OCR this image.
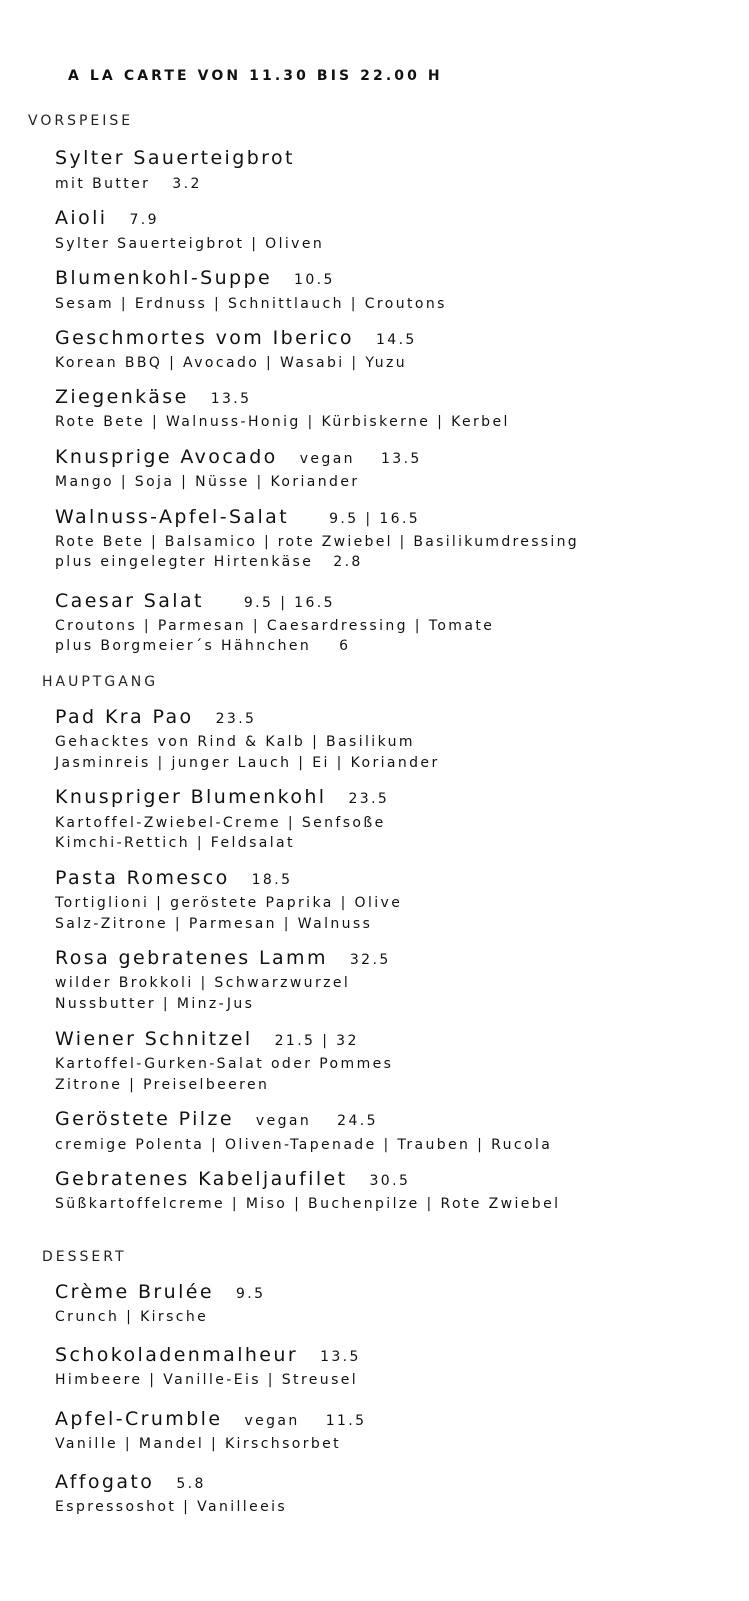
A LA CARTE VON 11.30 BIS 22.00 H
VORSPEISE
Sylter Sauerteigbrot
mit Butter 3.2
Aioli 7.9
Sylter Sauerteigbrot | Oliven
Blumenkohl-Suppe 10.5
Sesam | Erdnuss | Schnittlauch | Croutons
Geschmortes vom Iberico 14.5
Korean BBQ | Avocado | Wasabi | Yuzu
Ziegenkäse 13.5
Rote Bete | Walnuss-Honig | Kürbiskerne | Kerbel
Knusprige Avocado vegan 13.5
Mango | Soja | Nüsse | Koriander
Walnuss-Apfel-Salat	9.5 | 16.5
Rote Bete | Balsamico | rote Zwiebel | Basilikumdressing
plus eingelegter Hirtenkäse 2.8
Caesar Salat	9.5 | 16.5
Croutons | Parmesan | Caesardressing | Tomate
plus Borgmeier´s Hähnchen 6
HAUPTGANG
Pad Kra Pao 23.5
Gehacktes von Rind & Kalb | Basilikum
Jasminreis | junger Lauch | Ei | Koriander
Knuspriger Blumenkohl 23.5
Kartoffel-Zwiebel-Creme | Senfsoße
Kimchi-Rettich | Feldsalat
Pasta Romesco 18.5
Tortiglioni | geröstete Paprika | Olive
Salz-Zitrone | Parmesan | Walnuss
Rosa gebratenes Lamm 32.5
wilder Brokkoli | Schwarzwurzel
Nussbutter | Minz-Jus
Wiener Schnitzel 21.5 | 32
Kartoffel-Gurken-Salat oder Pommes
Zitrone | Preiselbeeren
Geröstete Pilze vegan 24.5
cremige Polenta | Oliven-Tapenade | Trauben | Rucola
Gebratenes Kabeljaufilet 30.5
Süßkartoffelcreme | Miso | Buchenpilze | Rote Zwiebel
DESSERT
Crème Brulée 9.5
Crunch | Kirsche
Schokoladenmalheur 13.5
Himbeere | Vanille-Eis | Streusel
Apfel-Crumble vegan 11.5
Vanille | Mandel | Kirschsorbet
Affogato 5.8
Espressoshot | Vanilleeis
